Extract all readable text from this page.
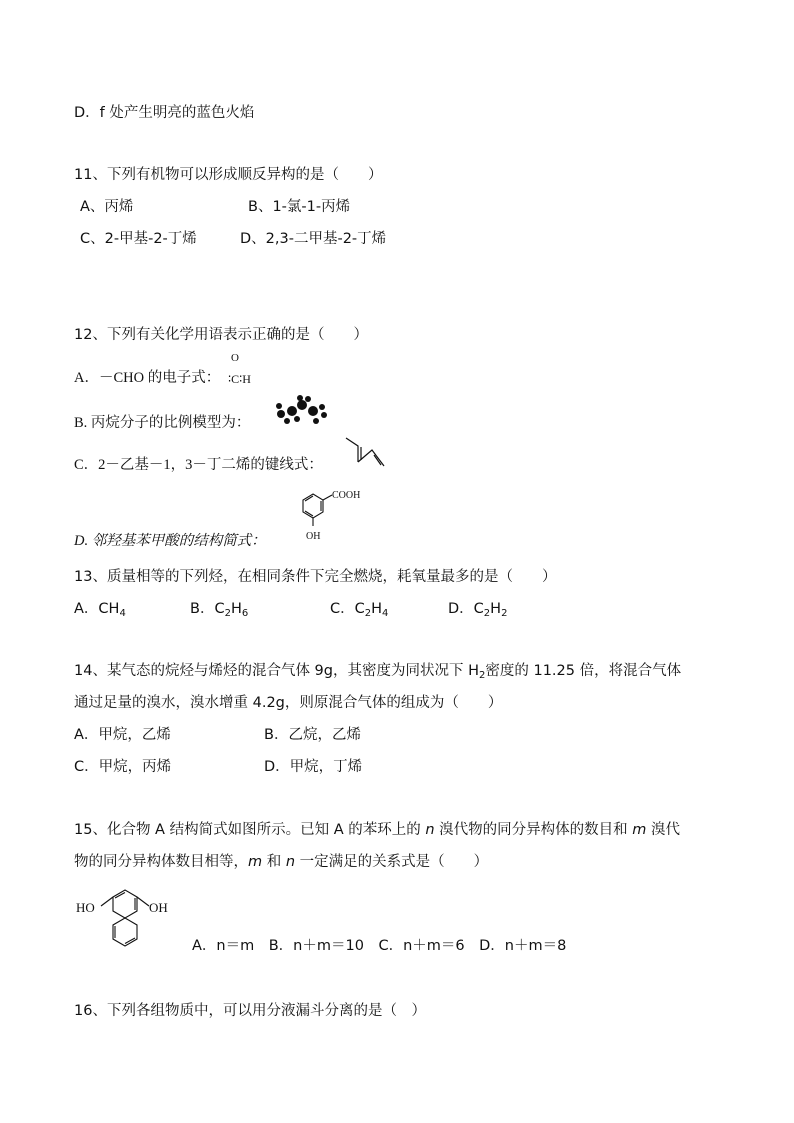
D．f 处产生明亮的蓝色火焰
11、下列有机物可以形成顺反异构的是（　　）
A、丙烯	B、1-氯-1-丙烯
C、2-甲基-2-丁烯	D、2,3-二甲基-2-丁烯
12、下列有关化学用语表示正确的是（　　）
A．－CHO 的电子式：
O
∶C∶H
B. 丙烷分子的比例模型为：
C．2－乙基－1，3－丁二烯的键线式：
D. 邻羟基苯甲酸的结构简式：
COOH
OH
13、质量相等的下列烃，在相同条件下完全燃烧，耗氧量最多的是（　　）
A．$CH_4$	B．$C_2H_6$	C．$C_2H_4$	D．$C_2H_2$
14、某气态的烷烃与烯烃的混合气体 9g，其密度为同状况下 $H_2$密度的 11.25 倍，将混合气体
通过足量的溴水，溴水增重 4.2g，则原混合气体的组成为（　　）
A．甲烷，乙烯	B．乙烷，乙烯
C．甲烷，丙烯	D．甲烷，丁烯
15、化合物 A 结构简式如图所示。已知 A 的苯环上的 n 溴代物的同分异构体的数目和 m 溴代
物的同分异构体数目相等，m 和 n 一定满足的关系式是（　　）
HO	OH
A．n＝m　B．n＋m＝10　C．n＋m＝6　D．n＋m＝8
16、下列各组物质中，可以用分液漏斗分离的是（　）
